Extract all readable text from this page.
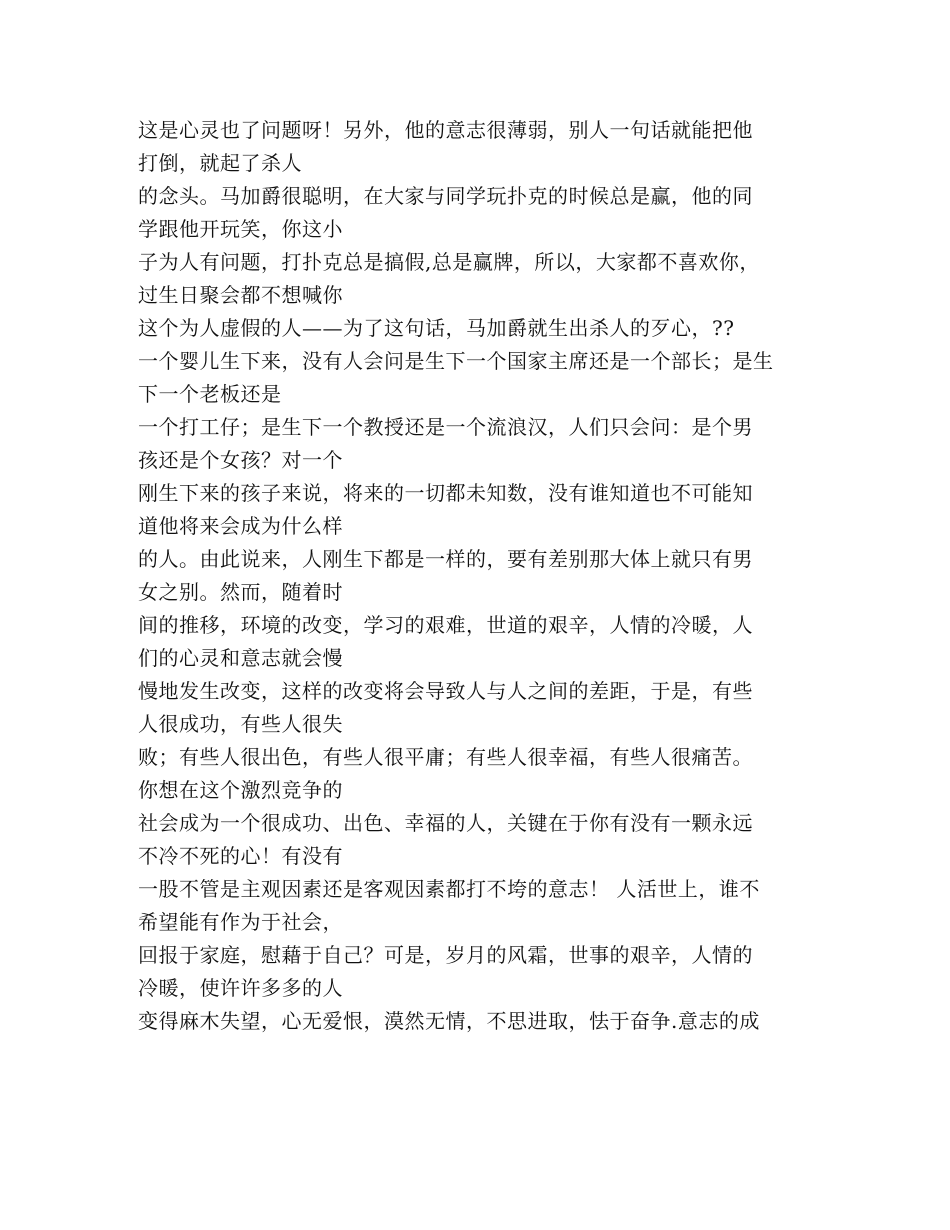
这是心灵也了问题呀！另外，他的意志很薄弱，别人一句话就能把他
打倒，就起了杀人
的念头。马加爵很聪明，在大家与同学玩扑克的时候总是赢，他的同
学跟他开玩笑，你这小
子为人有问题，打扑克总是搞假,总是赢牌，所以，大家都不喜欢你，
过生日聚会都不想喊你
这个为人虚假的人——为了这句话，马加爵就生出杀人的歹心，??
一个婴儿生下来，没有人会问是生下一个国家主席还是一个部长；是生
下一个老板还是
一个打工仔；是生下一个教授还是一个流浪汉，人们只会问：是个男
孩还是个女孩？对一个
刚生下来的孩子来说，将来的一切都未知数，没有谁知道也不可能知
道他将来会成为什么样
的人。由此说来，人刚生下都是一样的，要有差别那大体上就只有男
女之别。然而，随着时
间的推移，环境的改变，学习的艰难，世道的艰辛，人情的冷暖，人
们的心灵和意志就会慢
慢地发生改变，这样的改变将会导致人与人之间的差距，于是，有些
人很成功，有些人很失
败；有些人很出色，有些人很平庸；有些人很幸福，有些人很痛苦。
你想在这个激烈竞争的
社会成为一个很成功、出色、幸福的人，关键在于你有没有一颗永远
不冷不死的心！有没有
一股不管是主观因素还是客观因素都打不垮的意志！ 人活世上，谁不
希望能有作为于社会，
回报于家庭，慰藉于自己？可是，岁月的风霜，世事的艰辛，人情的
冷暖，使许许多多的人
变得麻木失望，心无爱恨，漠然无情，不思进取，怯于奋争.意志的成
